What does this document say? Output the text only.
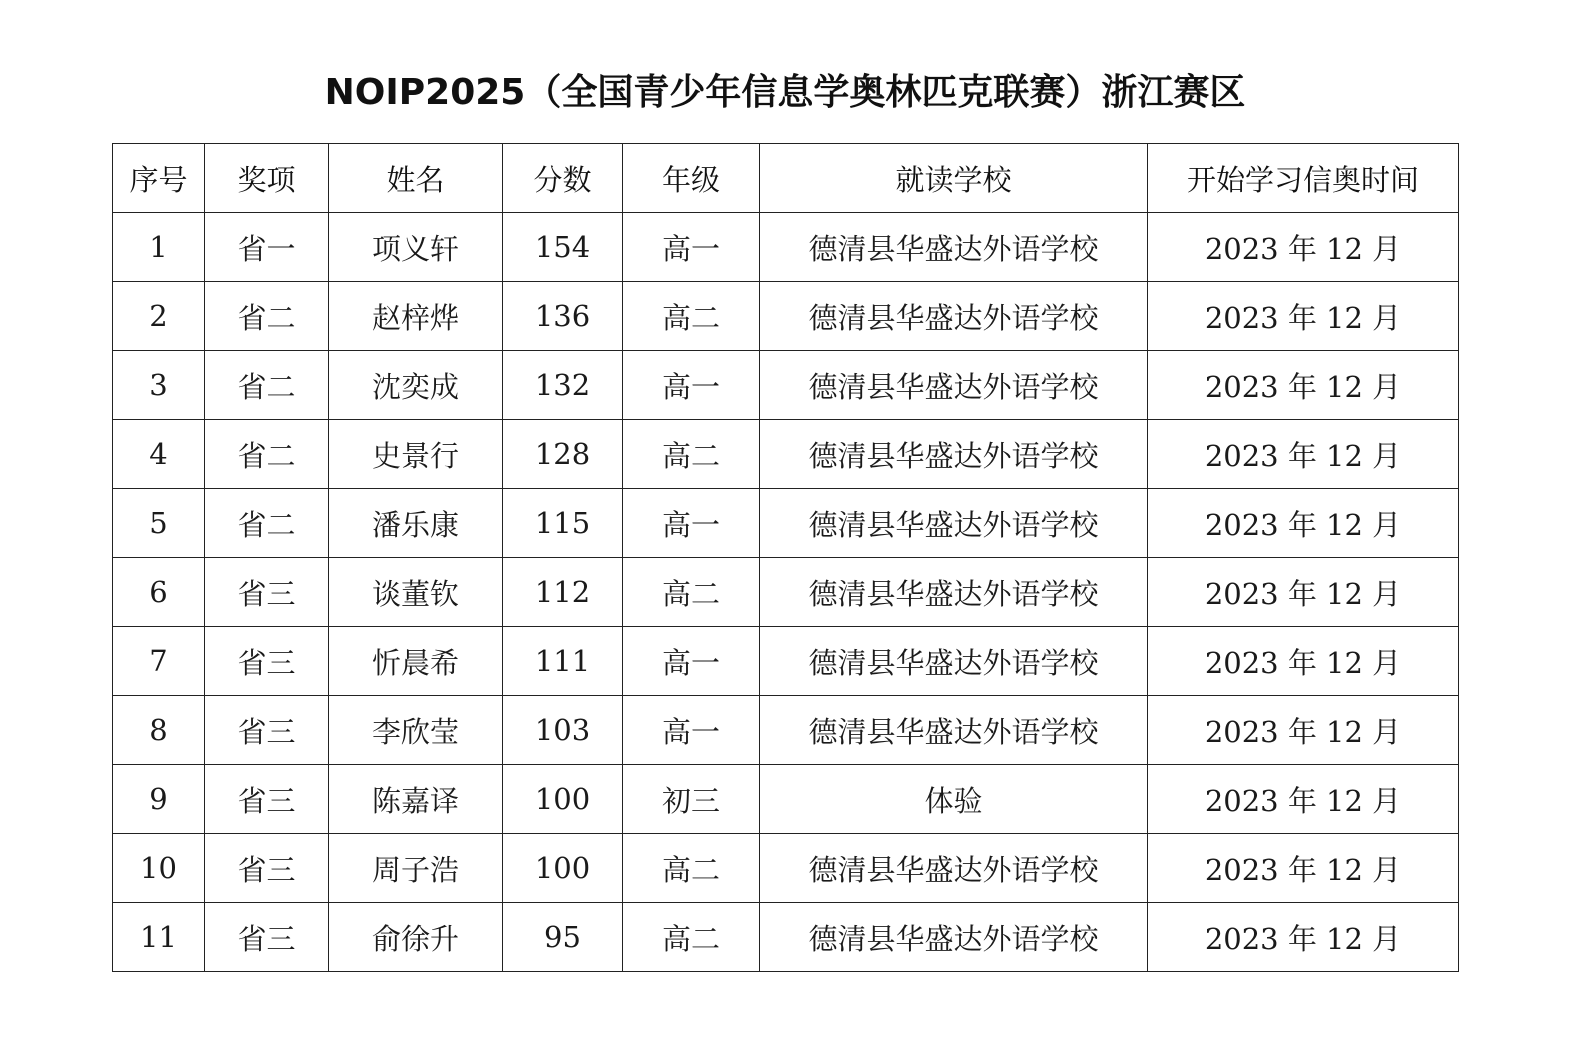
NOIP2025（全国青少年信息学奥林匹克联赛）浙江赛区
序号	奖项	姓名	分数	年级	就读学校	开始学习信奥时间
1	省一	项义轩	154	高一	德清县华盛达外语学校	2023 年 12 月
2	省二	赵梓烨	136	高二	德清县华盛达外语学校	2023 年 12 月
3	省二	沈奕成	132	高一	德清县华盛达外语学校	2023 年 12 月
4	省二	史景行	128	高二	德清县华盛达外语学校	2023 年 12 月
5	省二	潘乐康	115	高一	德清县华盛达外语学校	2023 年 12 月
6	省三	谈董钦	112	高二	德清县华盛达外语学校	2023 年 12 月
7	省三	忻晨希	111	高一	德清县华盛达外语学校	2023 年 12 月
8	省三	李欣莹	103	高一	德清县华盛达外语学校	2023 年 12 月
9	省三	陈嘉译	100	初三	体验	2023 年 12 月
10	省三	周子浩	100	高二	德清县华盛达外语学校	2023 年 12 月
11	省三	俞徐升	95	高二	德清县华盛达外语学校	2023 年 12 月
